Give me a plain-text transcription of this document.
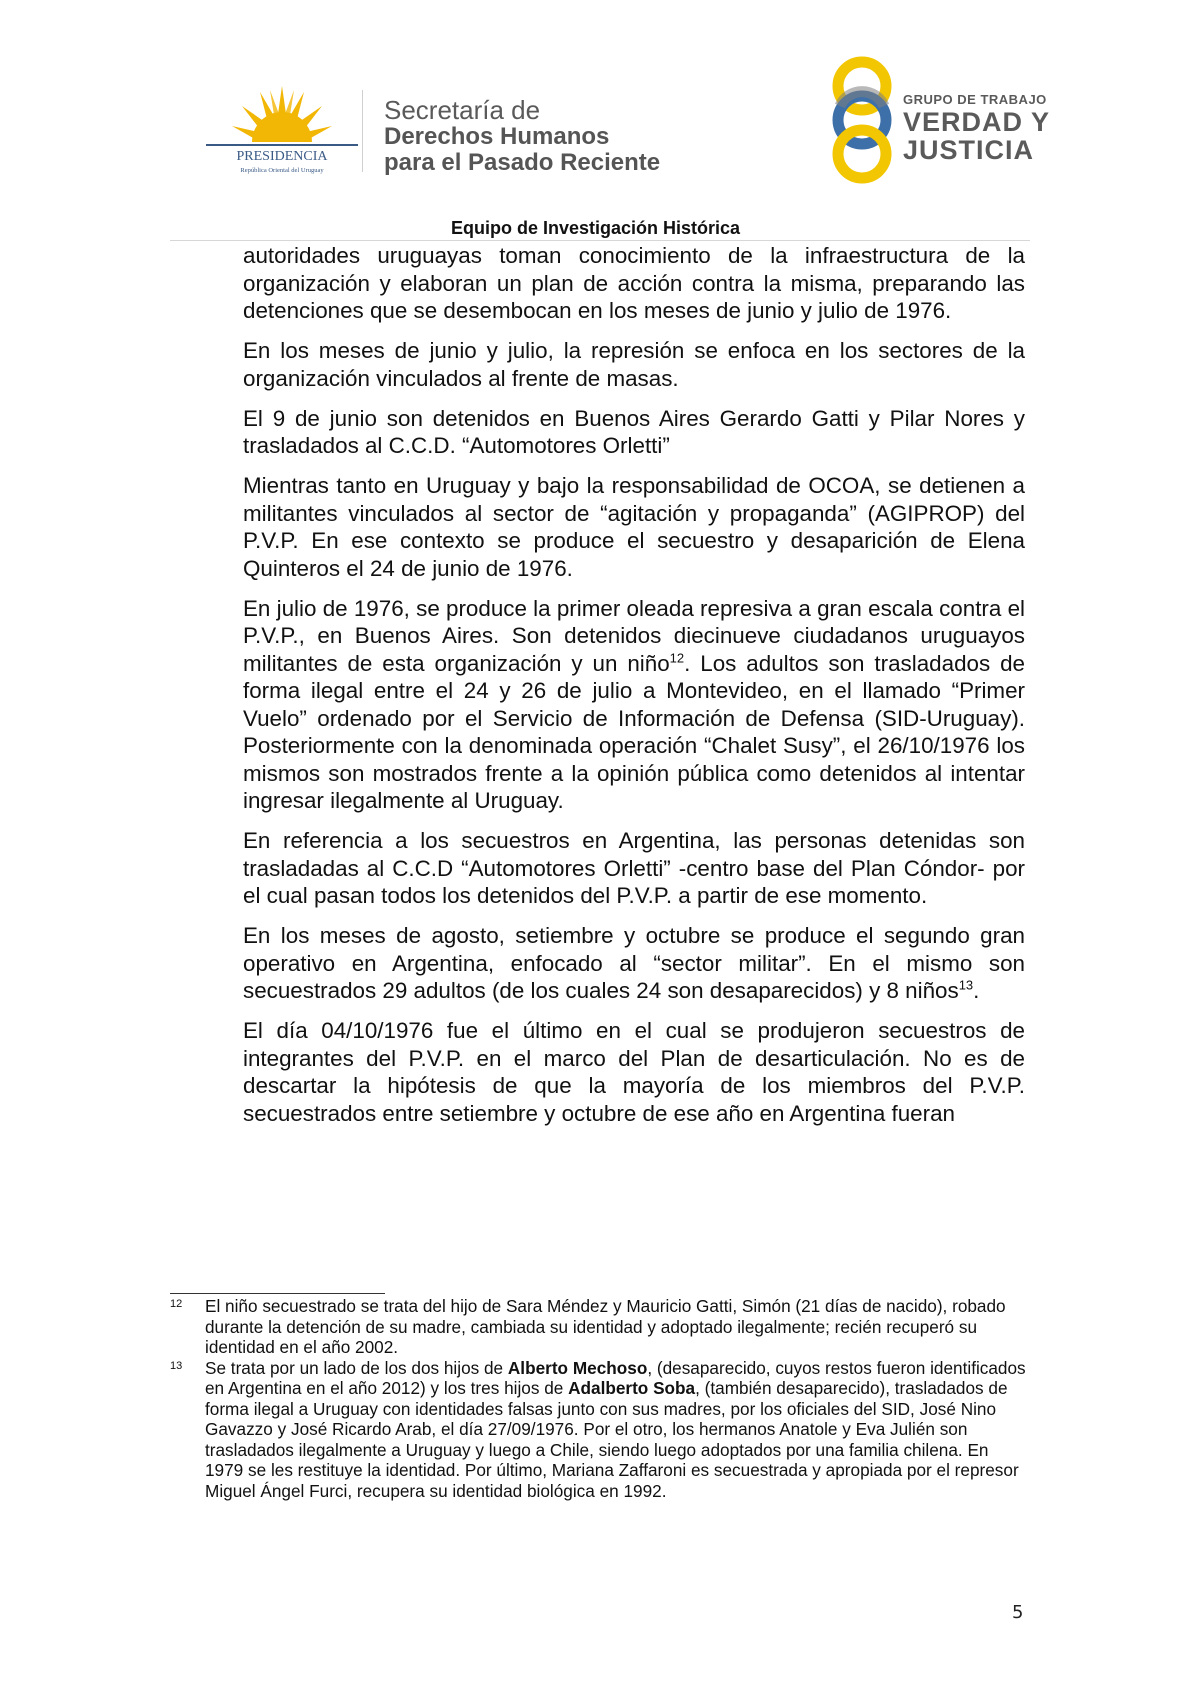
PRESIDENCIA
República Oriental del Uruguay
Secretaría de
Derechos Humanos
para el Pasado Reciente
GRUPO DE TRABAJO
VERDAD Y
JUSTICIA
Equipo de Investigación Histórica

autoridades uruguayas toman conocimiento de la infraestructura de la organización y elaboran un plan de acción contra la misma, preparando las detenciones que se desembocan en los meses de junio y julio de 1976.

En los meses de junio y julio, la represión se enfoca en los sectores de la organización vinculados al frente de masas.

El 9 de junio son detenidos en Buenos Aires Gerardo Gatti y Pilar Nores y trasladados al C.C.D. “Automotores Orletti”

Mientras tanto en Uruguay y bajo la responsabilidad de OCOA, se detienen a militantes vinculados al sector de “agitación y propaganda” (AGIPROP) del P.V.P. En ese contexto se produce el secuestro y desaparición de Elena Quinteros el 24 de junio de 1976.

En julio de 1976, se produce la primer oleada represiva a gran escala contra el P.V.P., en Buenos Aires. Son detenidos diecinueve ciudadanos uruguayos militantes de esta organización y un niño$^{12}$. Los adultos son trasladados de forma ilegal entre el 24 y 26 de julio a Montevideo, en el llamado “Primer Vuelo” ordenado por el Servicio de Información de Defensa (SID-Uruguay). Posteriormente con la denominada operación “Chalet Susy”, el 26/10/1976 los mismos son mostrados frente a la opinión pública como detenidos al intentar ingresar ilegalmente al Uruguay.

En referencia a los secuestros en Argentina, las personas detenidas son trasladadas al C.C.D “Automotores Orletti” -centro base del Plan Cóndor- por el cual pasan todos los detenidos del P.V.P. a partir de ese momento.

En los meses de agosto, setiembre y octubre se produce el segundo gran operativo en Argentina, enfocado al “sector militar”. En el mismo son secuestrados 29 adultos (de los cuales 24 son desaparecidos) y 8 niños$^{13}$.

El día 04/10/1976 fue el último en el cual se produjeron secuestros de integrantes del P.V.P. en el marco del Plan de desarticulación. No es de descartar la hipótesis de que la mayoría de los miembros del P.V.P. secuestrados entre setiembre y octubre de ese año en Argentina fueran

12	El niño secuestrado se trata del hijo de Sara Méndez y Mauricio Gatti, Simón (21 días de nacido), robado durante la detención de su madre, cambiada su identidad y adoptado ilegalmente; recién recuperó su identidad en el año 2002.
13	Se trata por un lado de los dos hijos de Alberto Mechoso, (desaparecido, cuyos restos fueron identificados en Argentina en el año 2012) y los tres hijos de Adalberto Soba, (también desaparecido), trasladados de forma ilegal a Uruguay con identidades falsas junto con sus madres, por los oficiales del SID, José Nino Gavazzo y José Ricardo Arab, el día 27/09/1976. Por el otro, los hermanos Anatole y Eva Julién son trasladados ilegalmente a Uruguay y luego a Chile, siendo luego adoptados por una familia chilena. En 1979 se les restituye la identidad. Por último, Mariana Zaffaroni es secuestrada y apropiada por el represor Miguel Ángel Furci, recupera su identidad biológica en 1992.
5
